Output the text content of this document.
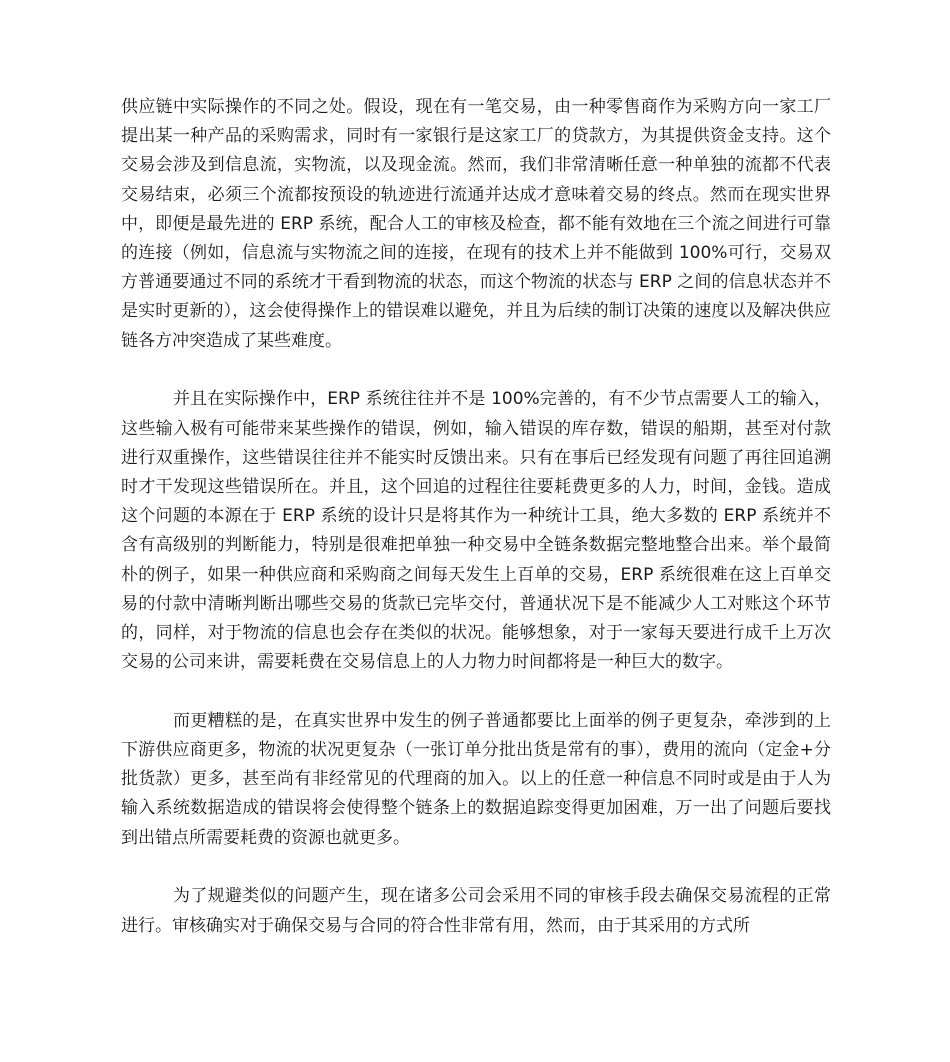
供应链中实际操作的不同之处。假设，现在有一笔交易，由一种零售商作为采购方向一家工厂提出某一种产品的采购需求，同时有一家银行是这家工厂的贷款方，为其提供资金支持。这个交易会涉及到信息流，实物流，以及现金流。然而，我们非常清晰任意一种单独的流都不代表交易结束，必须三个流都按预设的轨迹进行流通并达成才意味着交易的终点。然而在现实世界中，即便是最先进的 ERP 系统，配合人工的审核及检查，都不能有效地在三个流之间进行可靠的连接（例如，信息流与实物流之间的连接，在现有的技术上并不能做到 100%可行，交易双方普通要通过不同的系统才干看到物流的状态，而这个物流的状态与 ERP 之间的信息状态并不是实时更新的），这会使得操作上的错误难以避免，并且为后续的制订决策的速度以及解决供应链各方冲突造成了某些难度。

并且在实际操作中，ERP 系统往往并不是 100%完善的，有不少节点需要人工的输入，这些输入极有可能带来某些操作的错误，例如，输入错误的库存数，错误的船期，甚至对付款进行双重操作，这些错误往往并不能实时反馈出来。只有在事后已经发现有问题了再往回追溯时才干发现这些错误所在。并且，这个回追的过程往往要耗费更多的人力，时间，金钱。造成这个问题的本源在于 ERP 系统的设计只是将其作为一种统计工具，绝大多数的 ERP 系统并不含有高级别的判断能力，特别是很难把单独一种交易中全链条数据完整地整合出来。举个最简朴的例子，如果一种供应商和采购商之间每天发生上百单的交易，ERP 系统很难在这上百单交易的付款中清晰判断出哪些交易的货款已完毕交付，普通状况下是不能减少人工对账这个环节的，同样，对于物流的信息也会存在类似的状况。能够想象，对于一家每天要进行成千上万次交易的公司来讲，需要耗费在交易信息上的人力物力时间都将是一种巨大的数字。

而更糟糕的是，在真实世界中发生的例子普通都要比上面举的例子更复杂，牵涉到的上下游供应商更多，物流的状况更复杂（一张订单分批出货是常有的事），费用的流向（定金+分批货款）更多，甚至尚有非经常见的代理商的加入。以上的任意一种信息不同时或是由于人为输入系统数据造成的错误将会使得整个链条上的数据追踪变得更加困难，万一出了问题后要找到出错点所需要耗费的资源也就更多。

为了规避类似的问题产生，现在诸多公司会采用不同的审核手段去确保交易流程的正常进行。审核确实对于确保交易与合同的符合性非常有用，然而，由于其采用的方式所
